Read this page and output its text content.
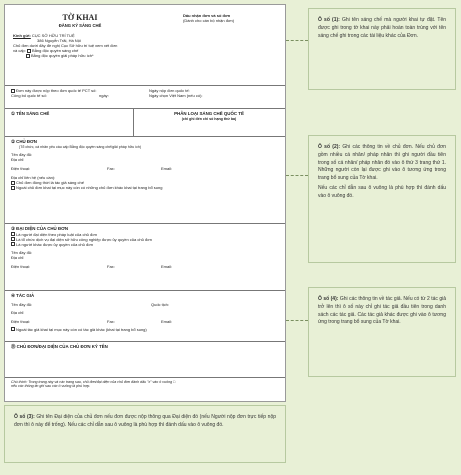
TỜ KHAI
ĐĂNG KÝ SÁNG CHẾ
Dấu nhận đơn và số đơn
(Dành cho cán bộ nhận đơn)
Kính gửi: CỤC SỞ HỮU TRÍ TUỆ
386 Nguyễn Trãi, Hà Nội
Chủ đơn dưới đây đề nghị Cục Sở hữu trí tuệ xem xét đơn
và cấp: Bằng độc quyền sáng chế
Bằng độc quyền giải pháp hữu ích*
Đơn này được nộp theo đơn quốc tế PCT số:	Ngày nộp đơn quốc tế:
Công bố quốc tế số:	ngày:	Ngày chọn Việt Nam (nếu có):
① TÊN SÁNG CHẾ	PHÂN LOẠI SÁNG CHẾ QUỐC TẾ
(chỉ ghi đến chỉ số hạng thứ ba)
② CHỦ ĐƠN
(Tổ chức, cá nhân yêu cầu cấp Bằng độc quyền sáng chế/giải pháp hữu ích)
Tên đầy đủ:
Địa chỉ:
Điện thoại:	Fax:	Email:
Địa chỉ liên hệ (nếu cần):
Chủ đơn đồng thời là tác giả sáng chế
Ngoài chủ đơn khai tại mục này còn có những chủ đơn khác khai tại trang bổ sung
③ ĐẠI DIỆN CỦA CHỦ ĐƠN
Là người đại diện theo pháp luật của chủ đơn
Là tổ chức dịch vụ đại diện sở hữu công nghiệp được ủy quyền của chủ đơn
Là người khác được ủy quyền của chủ đơn
Tên đầy đủ:
Địa chỉ:
Điện thoại:	Fax:	Email:
④ TÁC GIẢ
Tên đầy đủ:	Quốc tịch:
Địa chỉ:
Điện thoại:	Fax:	Email:
Ngoài tác giả khai tại mục này còn có tác giả khác (khai tại trang bổ sung)
⑱ CHỦ ĐƠN/ĐẠI DIỆN CỦA CHỦ ĐƠN KÝ TÊN
Chú thích: Trong trang này và các trang sau, chủ đơn/đại diện của chủ đơn đánh dấu "x" vào ô vuông □
nếu các thông tin ghi sau các ô vuông là phù hợp.
Ô số (1): Ghi tên sáng chế mà người khai tự đặt. Tên được ghi trong tờ khai này phải hoàn toàn trùng với tên sáng chế ghi trong các tài liệu khác của Đơn.
Ô số (2): Ghi các thông tin về chủ đơn. Nếu chủ đơn gồm nhiều cá nhân/ pháp nhân thì ghi người đầu tiên trong số cá nhân/ pháp nhân đó vào ô thứ 3 trang thứ 1. Những người còn lại được ghi vào ô tương ứng trong trang bổ sung của Tờ khai.
Nếu các chỉ dẫn sau ô vuông là phù hợp thì đánh dấu vào ô vuông đó.
Ô số (4): Ghi các thông tin về tác giả. Nếu có từ 2 tác giả trở lên thì ô số này chỉ ghi tác giả đầu tiên trong danh sách các tác giả. Các tác giả khác được ghi vào ô tương ứng trong trang bổ sung của Tờ khai.
Ô số (3): Ghi tên Đại diện của chủ đơn nếu đơn được nộp thông qua Đại diện đó (nếu Người nộp đơn trực tiếp nộp đơn thì ô này để trống). Nếu các chỉ dẫn sau ô vuông là phù hợp thì đánh dấu vào ô vuông đó.
